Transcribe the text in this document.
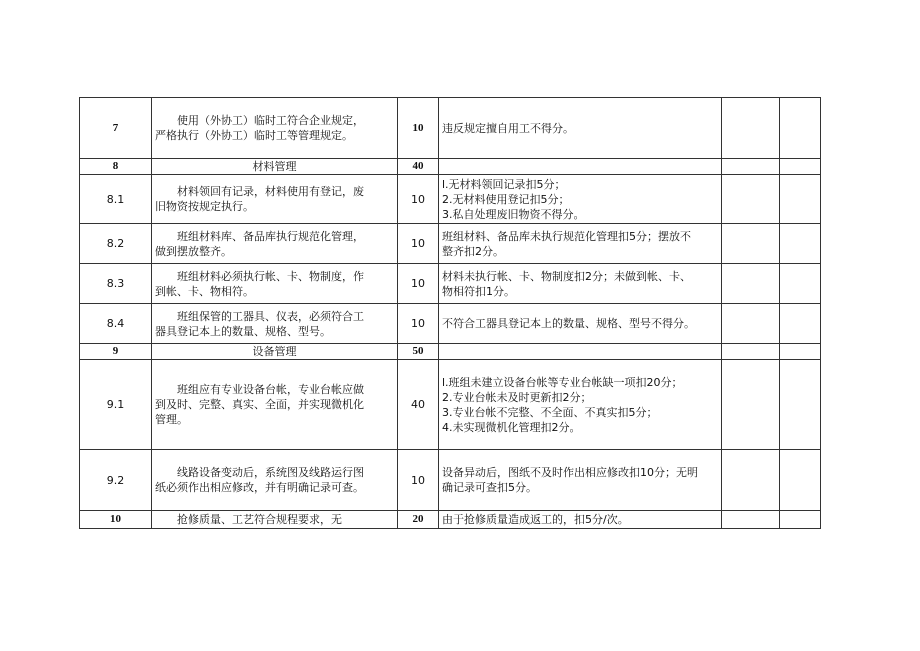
7	使用（外协工）临时工符合企业规定，
严格执行（外协工）临时工等管理规定。	10	违反规定擅自用工不得分。		

8	材料管理	40			
8.1	材料领回有记录，材料使用有登记，废
旧物资按规定执行。	10	l.无材料领回记录扣5分；
2.无材料使用登记扣5分；
3.私自处理废旧物资不得分。		

8.2	班组材料库、备品库执行规范化管理，
做到摆放整齐。	10	班组材料、备品库未执行规范化管理扣5分；摆放不
整齐扣2分。		

8.3	班组材料必须执行帐、卡、物制度，作
到帐、卡、物相符。	10	材料未执行帐、卡、物制度扣2分；未做到帐、卡、
物相符扣1分。		

8.4	班组保管的工器具、仪表，必须符合工
器具登记本上的数量、规格、型号。	10	不符合工器具登记本上的数量、规格、型号不得分。		

9	设备管理	50			
9.1	班组应有专业设备台帐，专业台帐应做
到及时、完整、真实、全面，并实现微机化
管理。	40	l.班组未建立设备台帐等专业台帐缺一项扣20分；
2.专业台帐未及时更新扣2分；
3.专业台帐不完整、不全面、不真实扣5分；
4.未实现微机化管理扣2分。		

9.2	线路设备变动后，系统图及线路运行图
纸必须作出相应修改，并有明确记录可查。	10	设备异动后，图纸不及时作出相应修改扣10分；无明
确记录可查扣5分。		

10	抢修质量、工艺符合规程要求，无	20	由于抢修质量造成返工的，扣5分/次。		
